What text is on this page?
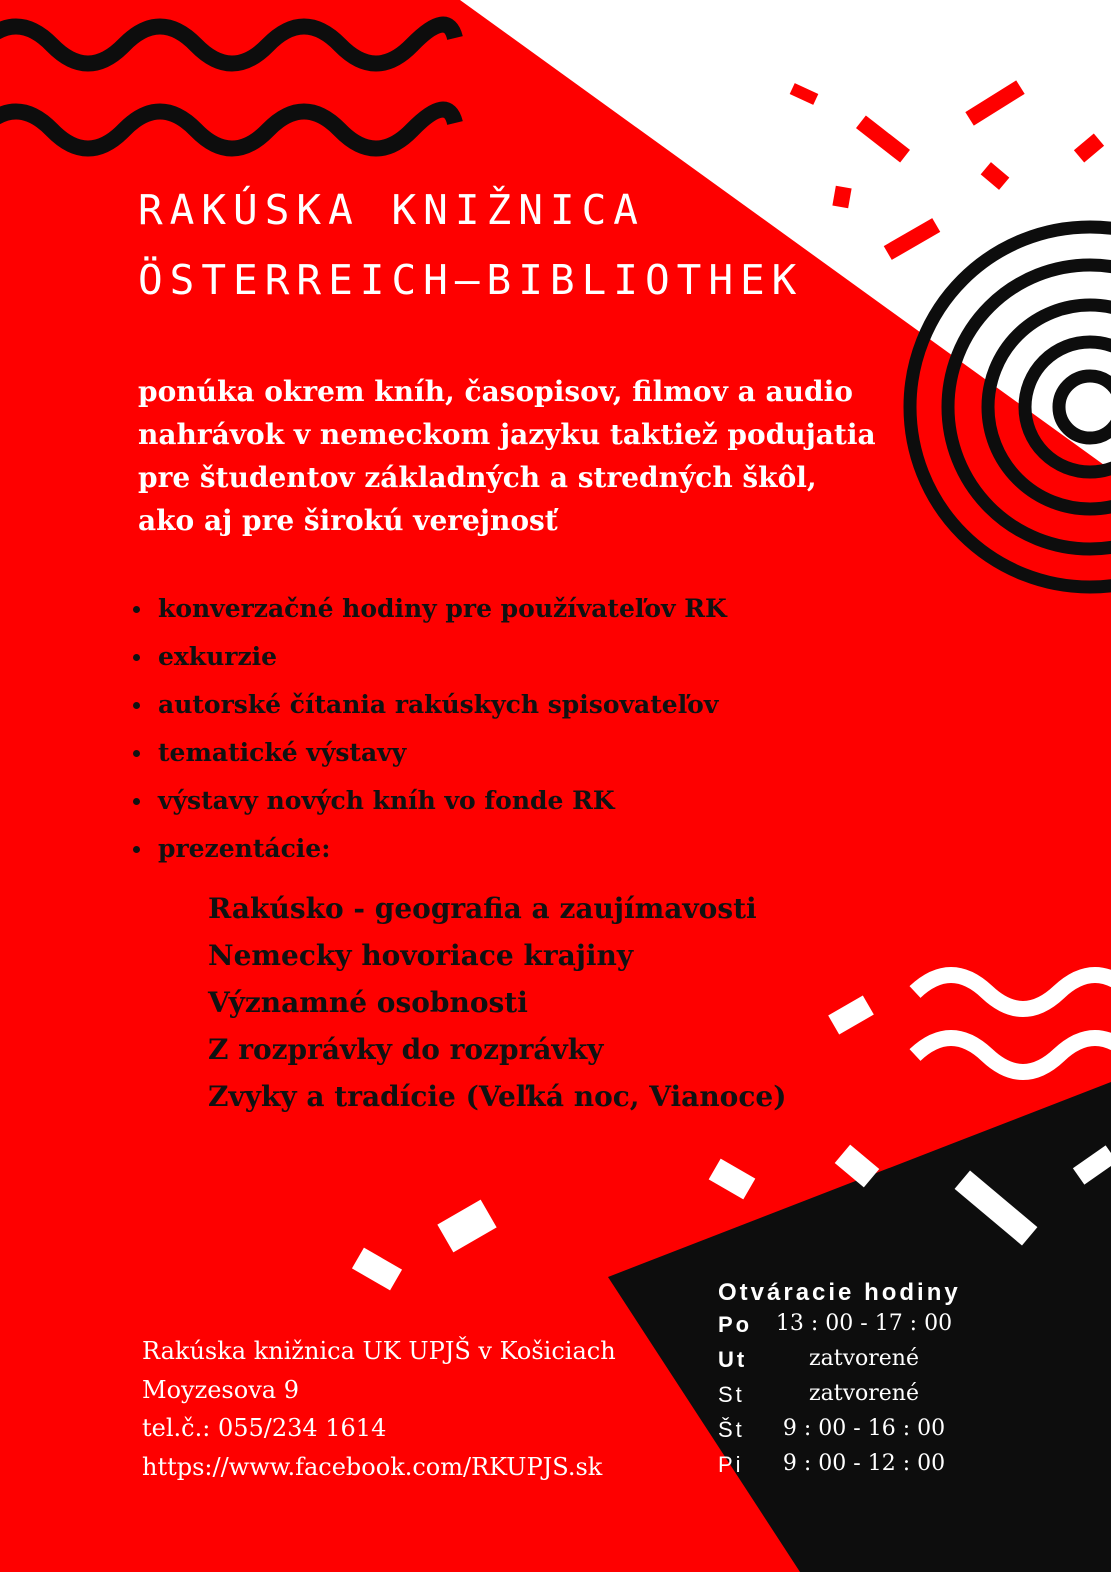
RAKÚSKA KNIŽNICA
ÖSTERREICH–BIBLIOTHEK

ponúka okrem kníh, časopisov, filmov a audio
nahrávok v nemeckom jazyku taktiež podujatia
pre študentov základných a stredných škôl,
ako aj pre širokú verejnosť

konverzačné hodiny pre používateľov RK
exkurzie
autorské čítania rakúskych spisovateľov
tematické výstavy
výstavy nových kníh vo fonde RK
prezentácie:
Rakúsko - geografia a zaujímavosti
Nemecky hovoriace krajiny
Významné osobnosti
Z rozprávky do rozprávky
Zvyky a tradície (Veľká noc, Vianoce)
Rakúska knižnica UK UPJŠ v Košiciach
Moyzesova 9
tel.č.: 055/234 1614
https://www.facebook.com/RKUPJS.sk
Otváracie hodiny
Po	13 : 00 - 17 : 00
Ut	zatvorené
St	zatvorené
Št	9 : 00 - 16 : 00
Pi	9 : 00 - 12 : 00
